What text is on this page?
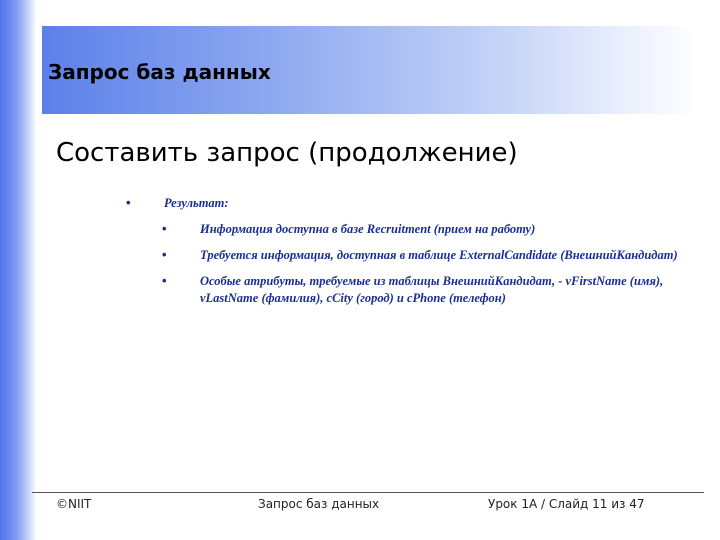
Запрос баз данных
Составить запрос (продолжение)
•	Результат:
•	Информация доступна в базе Recruitment (прием на работу)
•	Требуется информация, доступная в таблице ExternalCandidate (ВнешнийКандидат)
•	Особые атрибуты, требуемые из таблицы ВнешнийКандидат, - vFirstName (имя), vLastName (фамилия), cCity (город) и cPhone (телефон)
©NIIT	Запрос баз данных	Урок 1A / Слайд 11 из 47
